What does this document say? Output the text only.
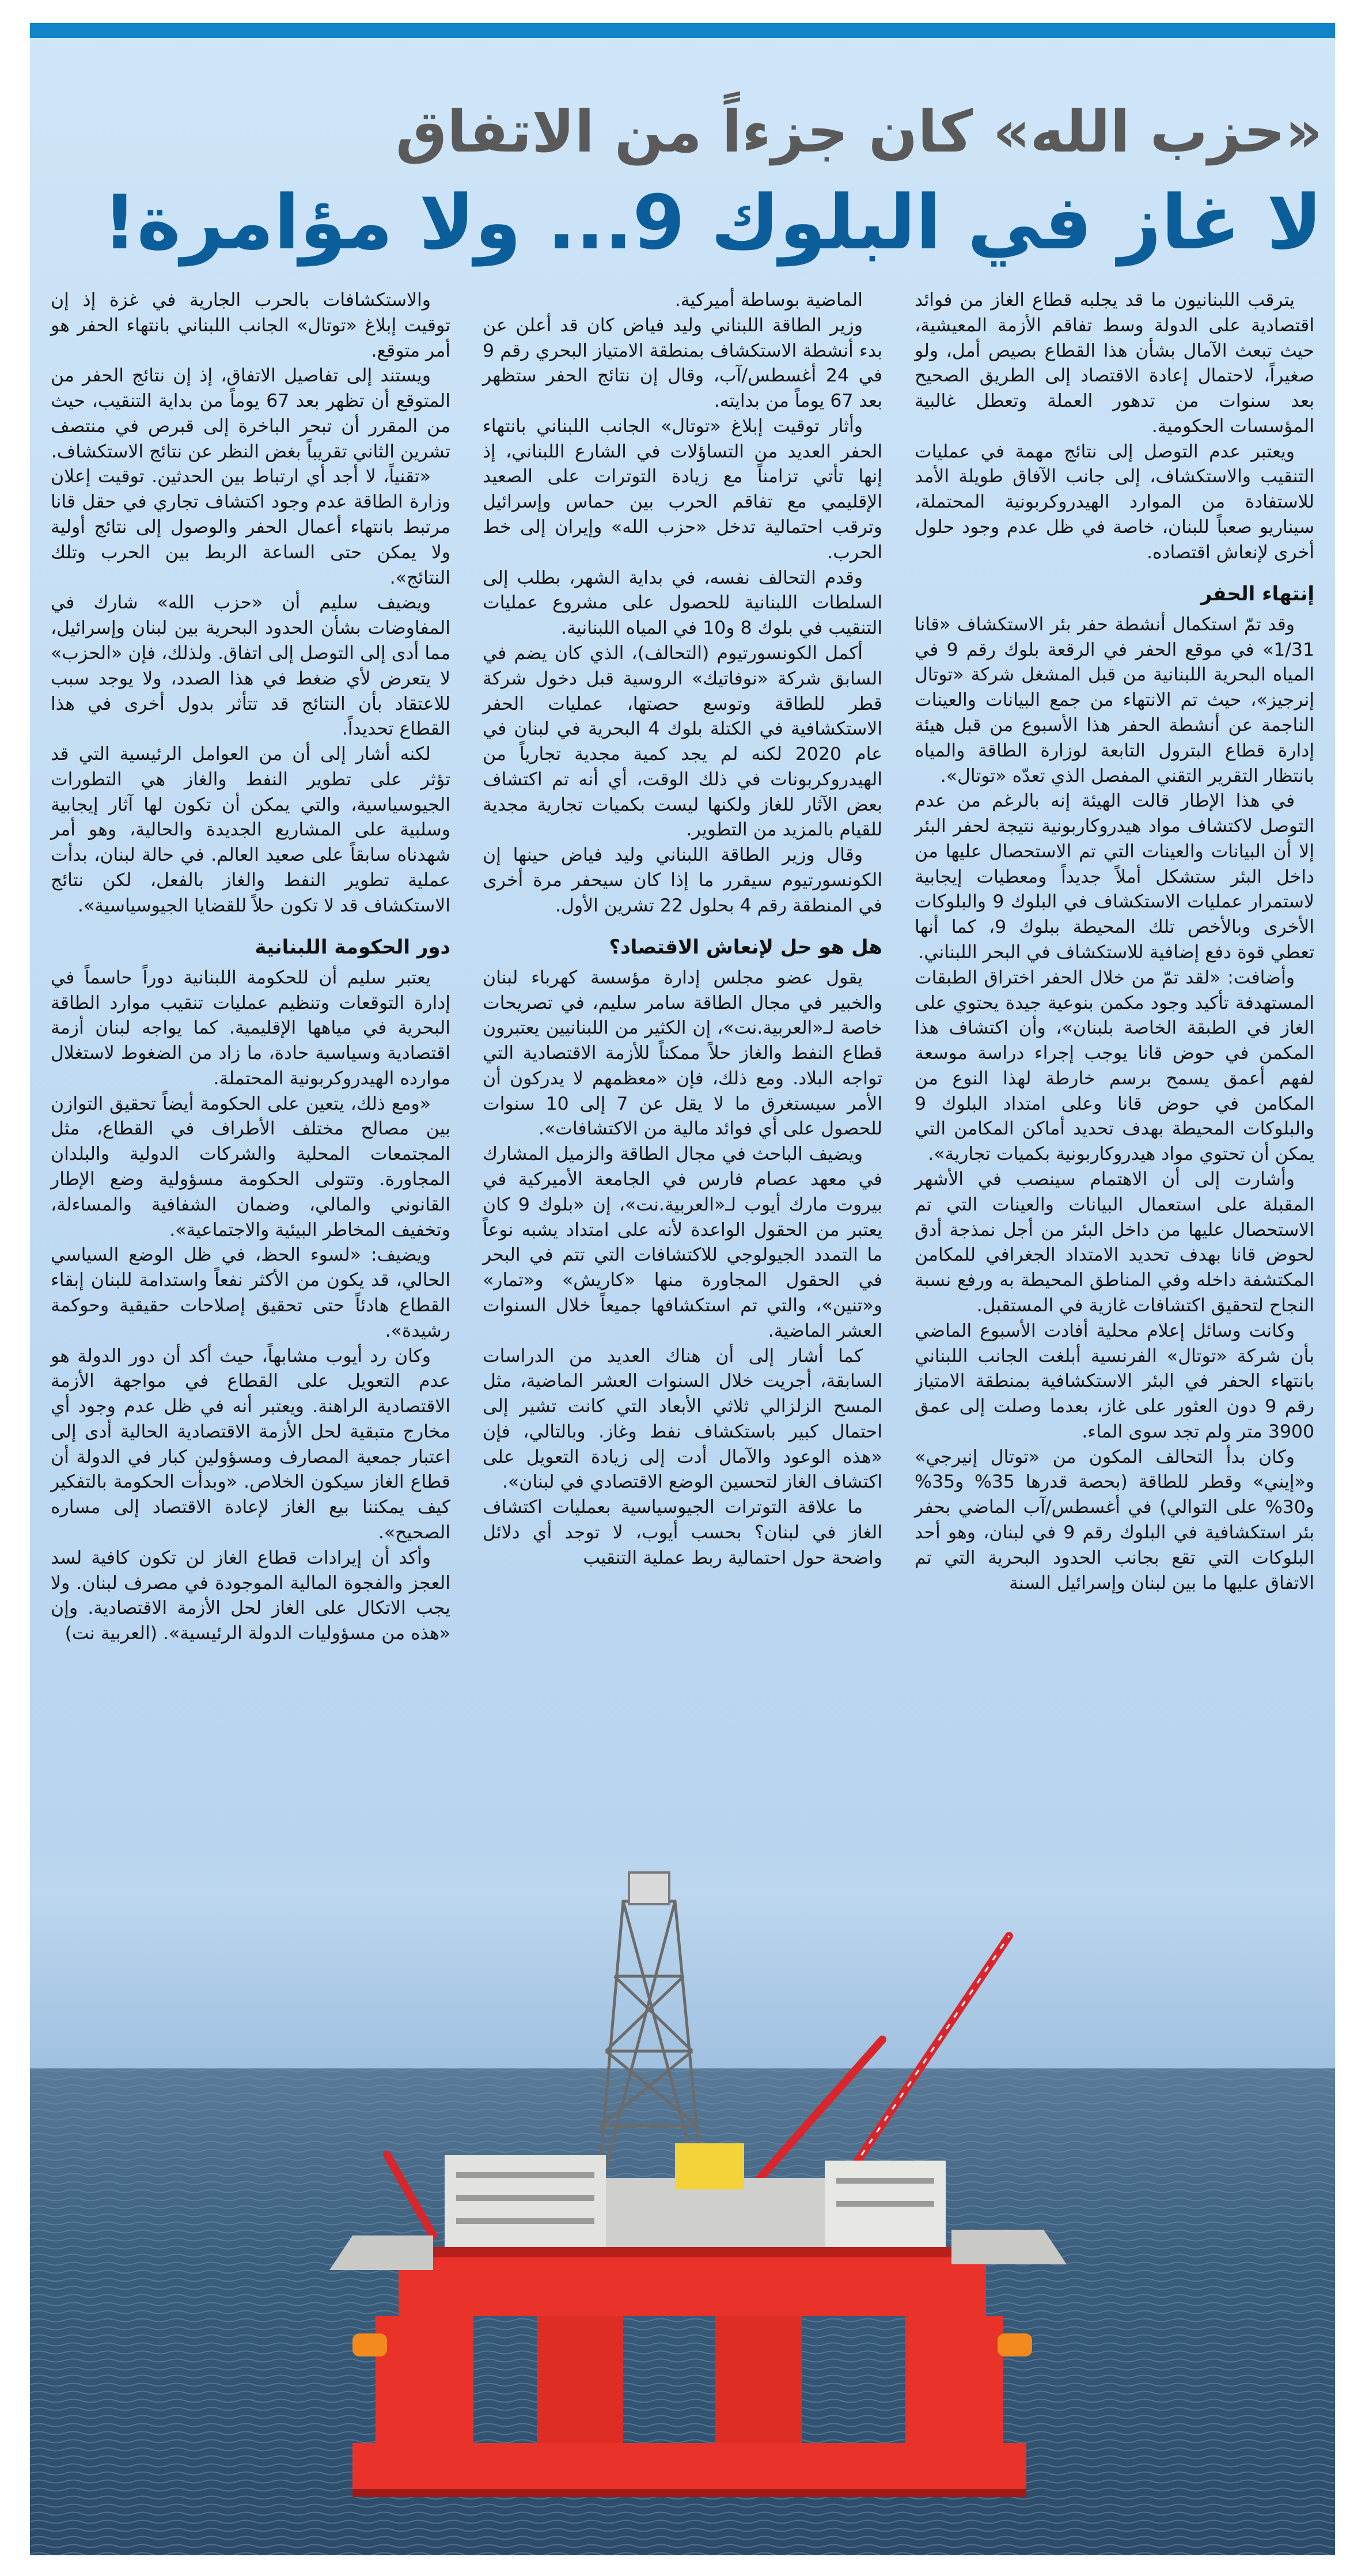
«حزب الله» كان جزءاً من الاتفاق
لا غاز في البلوك 9... ولا مؤامرة!

يترقب اللبنانيون ما قد يجلبه قطاع الغاز من فوائد اقتصادية على الدولة وسط تفاقم الأزمة المعيشية، حيث تبعث الآمال بشأن هذا القطاع بصيص أمل، ولو صغيراً، لاحتمال إعادة الاقتصاد إلى الطريق الصحيح بعد سنوات من تدهور العملة وتعطل غالبية المؤسسات الحكومية.

ويعتبر عدم التوصل إلى نتائج مهمة في عمليات التنقيب والاستكشاف، إلى جانب الآفاق طويلة الأمد للاستفادة من الموارد الهيدروكربونية المحتملة، سيناريو صعباً للبنان، خاصة في ظل عدم وجود حلول أخرى لإنعاش اقتصاده.

إنتهاء الحفر

وقد تمّ استكمال أنشطة حفر بئر الاستكشاف «قانا 1/31» في موقع الحفر في الرقعة بلوك رقم 9 في المياه البحرية اللبنانية من قبل المشغل شركة «توتال إنرجيز»، حيث تم الانتهاء من جمع البيانات والعينات الناجمة عن أنشطة الحفر هذا الأسبوع من قبل هيئة إدارة قطاع البترول التابعة لوزارة الطاقة والمياه بانتظار التقرير التقني المفصل الذي تعدّه «توتال».

في هذا الإطار قالت الهيئة إنه بالرغم من عدم التوصل لاكتشاف مواد هيدروكاربونية نتيجة لحفر البئر إلا أن البيانات والعينات التي تم الاستحصال عليها من داخل البئر ستشكل أملاً جديداً ومعطيات إيجابية لاستمرار عمليات الاستكشاف في البلوك 9 والبلوكات الأخرى وبالأخص تلك المحيطة ببلوك 9، كما أنها تعطي قوة دفع إضافية للاستكشاف في البحر اللبناني.

وأضافت: «لقد تمّ من خلال الحفر اختراق الطبقات المستهدفة تأكيد وجود مكمن بنوعية جيدة يحتوي على الغاز في الطبقة الخاصة بلبنان»، وأن اكتشاف هذا المكمن في حوض قانا يوجب إجراء دراسة موسعة لفهم أعمق يسمح برسم خارطة لهذا النوع من المكامن في حوض قانا وعلى امتداد البلوك 9 والبلوكات المحيطة بهدف تحديد أماكن المكامن التي يمكن أن تحتوي مواد هيدروكاربونية بكميات تجارية».

وأشارت إلى أن الاهتمام سينصب في الأشهر المقبلة على استعمال البيانات والعينات التي تم الاستحصال عليها من داخل البئر من أجل نمذجة أدق لحوض قانا بهدف تحديد الامتداد الجغرافي للمكامن المكتشفة داخله وفي المناطق المحيطة به ورفع نسبة النجاح لتحقيق اكتشافات غازية في المستقبل.

وكانت وسائل إعلام محلية أفادت الأسبوع الماضي بأن شركة «توتال» الفرنسية أبلغت الجانب اللبناني بانتهاء الحفر في البئر الاستكشافية بمنطقة الامتياز رقم 9 دون العثور على غاز، بعدما وصلت إلى عمق 3900 متر ولم تجد سوى الماء.

وكان بدأ التحالف المكون من «توتال إنيرجي» و«إيني» وقطر للطاقة (بحصة قدرها 35% و35% و30% على التوالي) في أغسطس/آب الماضي بحفر بئر استكشافية في البلوك رقم 9 في لبنان، وهو أحد البلوكات التي تقع بجانب الحدود البحرية التي تم الاتفاق عليها ما بين لبنان وإسرائيل السنة

الماضية بوساطة أميركية.

وزير الطاقة اللبناني وليد فياض كان قد أعلن عن بدء أنشطة الاستكشاف بمنطقة الامتياز البحري رقم 9 في 24 أغسطس/آب، وقال إن نتائج الحفر ستظهر بعد 67 يوماً من بدايته.

وأثار توقيت إبلاغ «توتال» الجانب اللبناني بانتهاء الحفر العديد من التساؤلات في الشارع اللبناني، إذ إنها تأتي تزامناً مع زيادة التوترات على الصعيد الإقليمي مع تفاقم الحرب بين حماس وإسرائيل وترقب احتمالية تدخل «حزب الله» وإيران إلى خط الحرب.

وقدم التحالف نفسه، في بداية الشهر، بطلب إلى السلطات اللبنانية للحصول على مشروع عمليات التنقيب في بلوك 8 و10 في المياه اللبنانية.

أكمل الكونسورتيوم (التحالف)، الذي كان يضم في السابق شركة «نوفاتيك» الروسية قبل دخول شركة قطر للطاقة وتوسع حصتها، عمليات الحفر الاستكشافية في الكتلة بلوك 4 البحرية في لبنان في عام 2020 لكنه لم يجد كمية مجدية تجارياً من الهيدروكربونات في ذلك الوقت، أي أنه تم اكتشاف بعض الآثار للغاز ولكنها ليست بكميات تجارية مجدية للقيام بالمزيد من التطوير.

وقال وزير الطاقة اللبناني وليد فياض حينها إن الكونسورتيوم سيقرر ما إذا كان سيحفر مرة أخرى في المنطقة رقم 4 بحلول 22 تشرين الأول.

هل هو حل لإنعاش الاقتصاد؟

يقول عضو مجلس إدارة مؤسسة كهرباء لبنان والخبير في مجال الطاقة سامر سليم، في تصريحات خاصة لـ«العربية.نت»، إن الكثير من اللبنانيين يعتبرون قطاع النفط والغاز حلاً ممكناً للأزمة الاقتصادية التي تواجه البلاد. ومع ذلك، فإن «معظمهم لا يدركون أن الأمر سيستغرق ما لا يقل عن 7 إلى 10 سنوات للحصول على أي فوائد مالية من الاكتشافات».

ويضيف الباحث في مجال الطاقة والزميل المشارك في معهد عصام فارس في الجامعة الأميركية في بيروت مارك أيوب لـ«العربية.نت»، إن «بلوك 9 كان يعتبر من الحقول الواعدة لأنه على امتداد يشبه نوعاً ما التمدد الجيولوجي للاكتشافات التي تتم في البحر في الحقول المجاورة منها «كاريش» و«تمار» و«تنين»، والتي تم استكشافها جميعاً خلال السنوات العشر الماضية.

كما أشار إلى أن هناك العديد من الدراسات السابقة، أجريت خلال السنوات العشر الماضية، مثل المسح الزلزالي ثلاثي الأبعاد التي كانت تشير إلى احتمال كبير باستكشاف نفط وغاز. وبالتالي، فإن «هذه الوعود والآمال أدت إلى زيادة التعويل على اكتشاف الغاز لتحسين الوضع الاقتصادي في لبنان».

ما علاقة التوترات الجيوسياسية بعمليات اكتشاف الغاز في لبنان؟ بحسب أيوب، لا توجد أي دلائل واضحة حول احتمالية ربط عملية التنقيب

والاستكشافات بالحرب الجارية في غزة إذ إن توقيت إبلاغ «توتال» الجانب اللبناني بانتهاء الحفر هو أمر متوقع.

ويستند إلى تفاصيل الاتفاق، إذ إن نتائج الحفر من المتوقع أن تظهر بعد 67 يوماً من بداية التنقيب، حيث من المقرر أن تبحر الباخرة إلى قبرص في منتصف تشرين الثاني تقريباً بغض النظر عن نتائج الاستكشاف.

«تقنياً، لا أجد أي ارتباط بين الحدثين. توقيت إعلان وزارة الطاقة عدم وجود اكتشاف تجاري في حقل قانا مرتبط بانتهاء أعمال الحفر والوصول إلى نتائج أولية ولا يمكن حتى الساعة الربط بين الحرب وتلك النتائج».

ويضيف سليم أن «حزب الله» شارك في المفاوضات بشأن الحدود البحرية بين لبنان وإسرائيل، مما أدى إلى التوصل إلى اتفاق. ولذلك، فإن «الحزب» لا يتعرض لأي ضغط في هذا الصدد، ولا يوجد سبب للاعتقاد بأن النتائج قد تتأثر بدول أخرى في هذا القطاع تحديداً.

لكنه أشار إلى أن من العوامل الرئيسية التي قد تؤثر على تطوير النفط والغاز هي التطورات الجيوسياسية، والتي يمكن أن تكون لها آثار إيجابية وسلبية على المشاريع الجديدة والحالية، وهو أمر شهدناه سابقاً على صعيد العالم. في حالة لبنان، بدأت عملية تطوير النفط والغاز بالفعل، لكن نتائج الاستكشاف قد لا تكون حلاً للقضايا الجيوسياسية».

دور الحكومة اللبنانية

يعتبر سليم أن للحكومة اللبنانية دوراً حاسماً في إدارة التوقعات وتنظيم عمليات تنقيب موارد الطاقة البحرية في مياهها الإقليمية. كما يواجه لبنان أزمة اقتصادية وسياسية حادة، ما زاد من الضغوط لاستغلال موارده الهيدروكربونية المحتملة.

«ومع ذلك، يتعين على الحكومة أيضاً تحقيق التوازن بين مصالح مختلف الأطراف في القطاع، مثل المجتمعات المحلية والشركات الدولية والبلدان المجاورة. وتتولى الحكومة مسؤولية وضع الإطار القانوني والمالي، وضمان الشفافية والمساءلة، وتخفيف المخاطر البيئية والاجتماعية».

ويضيف: «لسوء الحظ، في ظل الوضع السياسي الحالي، قد يكون من الأكثر نفعاً واستدامة للبنان إبقاء القطاع هادئاً حتى تحقيق إصلاحات حقيقية وحوكمة رشيدة».

وكان رد أيوب مشابهاً، حيث أكد أن دور الدولة هو عدم التعويل على القطاع في مواجهة الأزمة الاقتصادية الراهنة. ويعتبر أنه في ظل عدم وجود أي مخارج متبقية لحل الأزمة الاقتصادية الحالية أدى إلى اعتبار جمعية المصارف ومسؤولين كبار في الدولة أن قطاع الغاز سيكون الخلاص. «وبدأت الحكومة بالتفكير كيف يمكننا بيع الغاز لإعادة الاقتصاد إلى مساره الصحيح».

وأكد أن إيرادات قطاع الغاز لن تكون كافية لسد العجز والفجوة المالية الموجودة في مصرف لبنان. ولا يجب الاتكال على الغاز لحل الأزمة الاقتصادية. وإن «هذه من مسؤوليات الدولة الرئيسية». (العربية نت)
